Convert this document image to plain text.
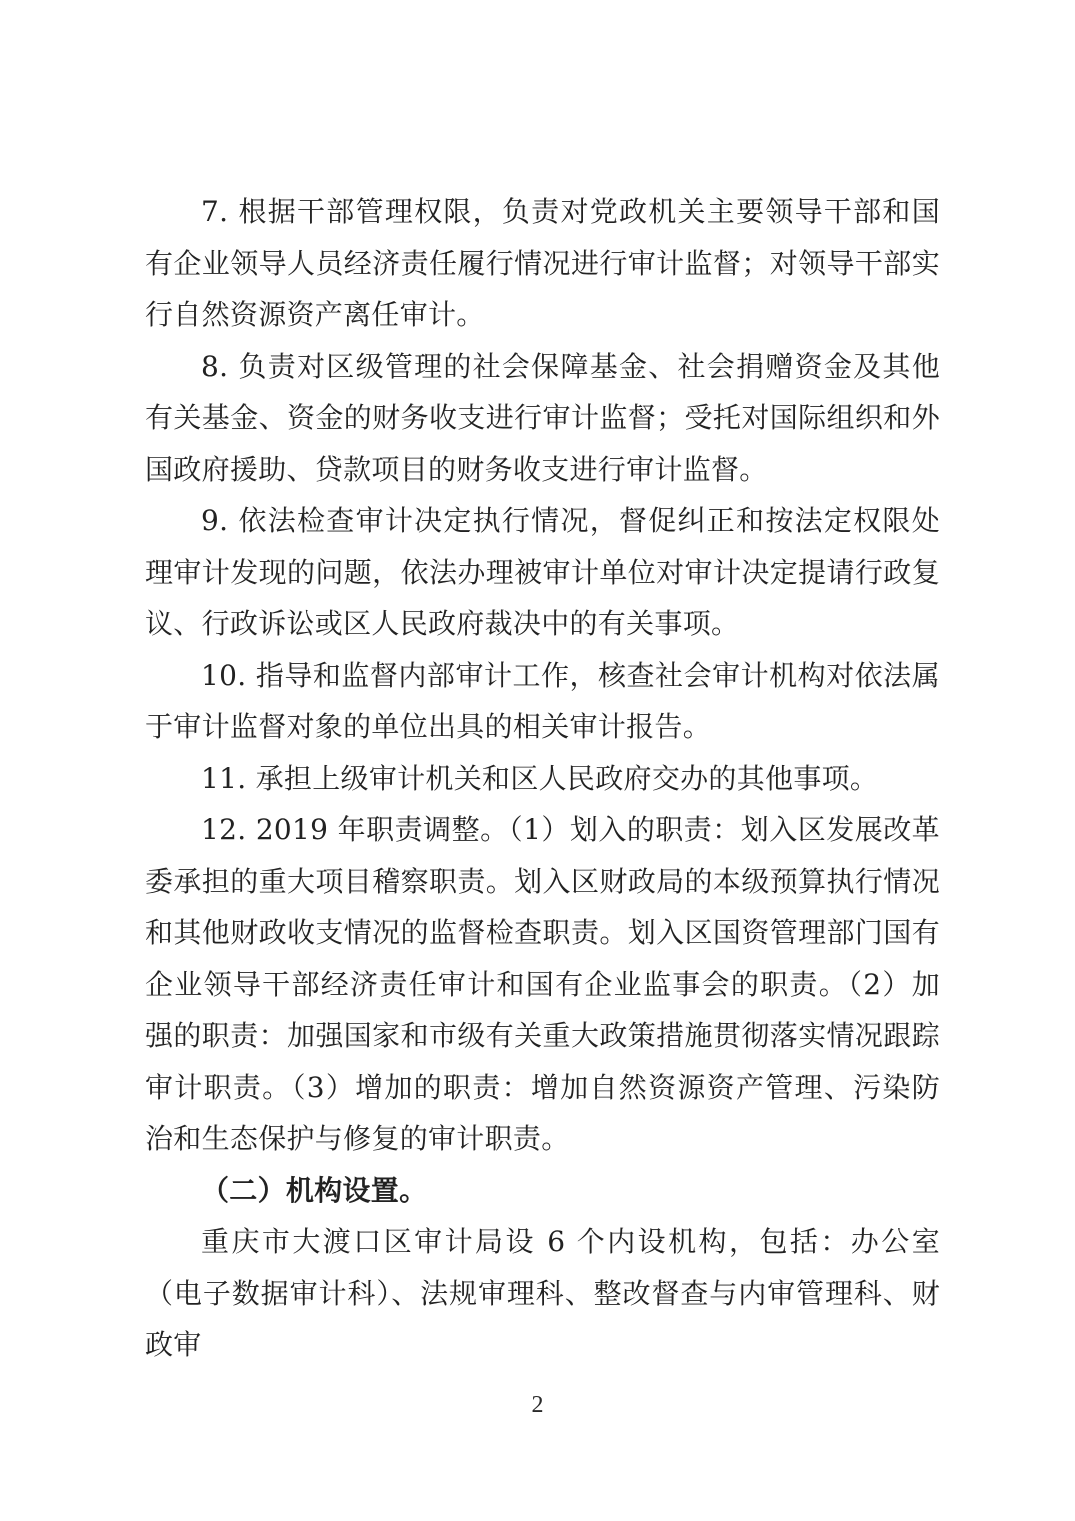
7. 根据干部管理权限，负责对党政机关主要领导干部和国有企业领导人员经济责任履行情况进行审计监督；对领导干部实行自然资源资产离任审计。

8. 负责对区级管理的社会保障基金、社会捐赠资金及其他有关基金、资金的财务收支进行审计监督；受托对国际组织和外国政府援助、贷款项目的财务收支进行审计监督。

9. 依法检查审计决定执行情况，督促纠正和按法定权限处理审计发现的问题，依法办理被审计单位对审计决定提请行政复议、行政诉讼或区人民政府裁决中的有关事项。

10. 指导和监督内部审计工作，核查社会审计机构对依法属于审计监督对象的单位出具的相关审计报告。

11. 承担上级审计机关和区人民政府交办的其他事项。

12. 2019 年职责调整。（1）划入的职责：划入区发展改革委承担的重大项目稽察职责。划入区财政局的本级预算执行情况和其他财政收支情况的监督检查职责。划入区国资管理部门国有企业领导干部经济责任审计和国有企业监事会的职责。（2）加强的职责：加强国家和市级有关重大政策措施贯彻落实情况跟踪审计职责。（3）增加的职责：增加自然资源资产管理、污染防治和生态保护与修复的审计职责。

（二）机构设置。

重庆市大渡口区审计局设 6 个内设机构，包括：办公室（电子数据审计科）、法规审理科、整改督查与内审管理科、财政审

2
